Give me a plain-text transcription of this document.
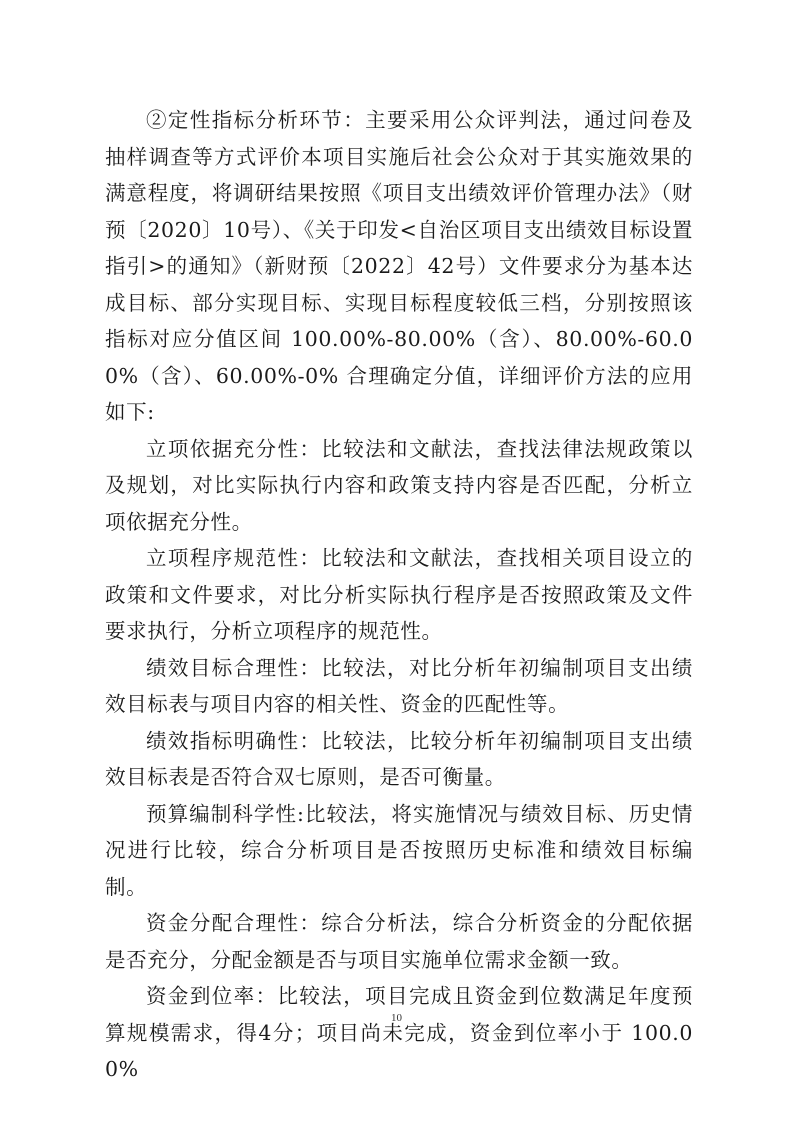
②定性指标分析环节：主要采用公众评判法，通过问卷及抽样调查等方式评价本项目实施后社会公众对于其实施效果的满意程度，将调研结果按照《项目支出绩效评价管理办法》（财预〔2020〕10号）、《关于印发<自治区项目支出绩效目标设置指引>的通知》（新财预〔2022〕42号）文件要求分为基本达成目标、部分实现目标、实现目标程度较低三档，分别按照该指标对应分值区间 100.00%-80.00%（含）、80.00%-60.00%（含）、60.00%-0% 合理确定分值，详细评价方法的应用如下:

立项依据充分性：比较法和文献法，查找法律法规政策以及规划，对比实际执行内容和政策支持内容是否匹配，分析立项依据充分性。

立项程序规范性：比较法和文献法，查找相关项目设立的政策和文件要求，对比分析实际执行程序是否按照政策及文件要求执行，分析立项程序的规范性。

绩效目标合理性：比较法，对比分析年初编制项目支出绩效目标表与项目内容的相关性、资金的匹配性等。

绩效指标明确性：比较法，比较分析年初编制项目支出绩效目标表是否符合双七原则，是否可衡量。

预算编制科学性:比较法，将实施情况与绩效目标、历史情况进行比较，综合分析项目是否按照历史标准和绩效目标编制。

资金分配合理性：综合分析法，综合分析资金的分配依据是否充分，分配金额是否与项目实施单位需求金额一致。

资金到位率：比较法，项目完成且资金到位数满足年度预算规模需求，得4分；项目尚未完成，资金到位率小于 100.00%

10
